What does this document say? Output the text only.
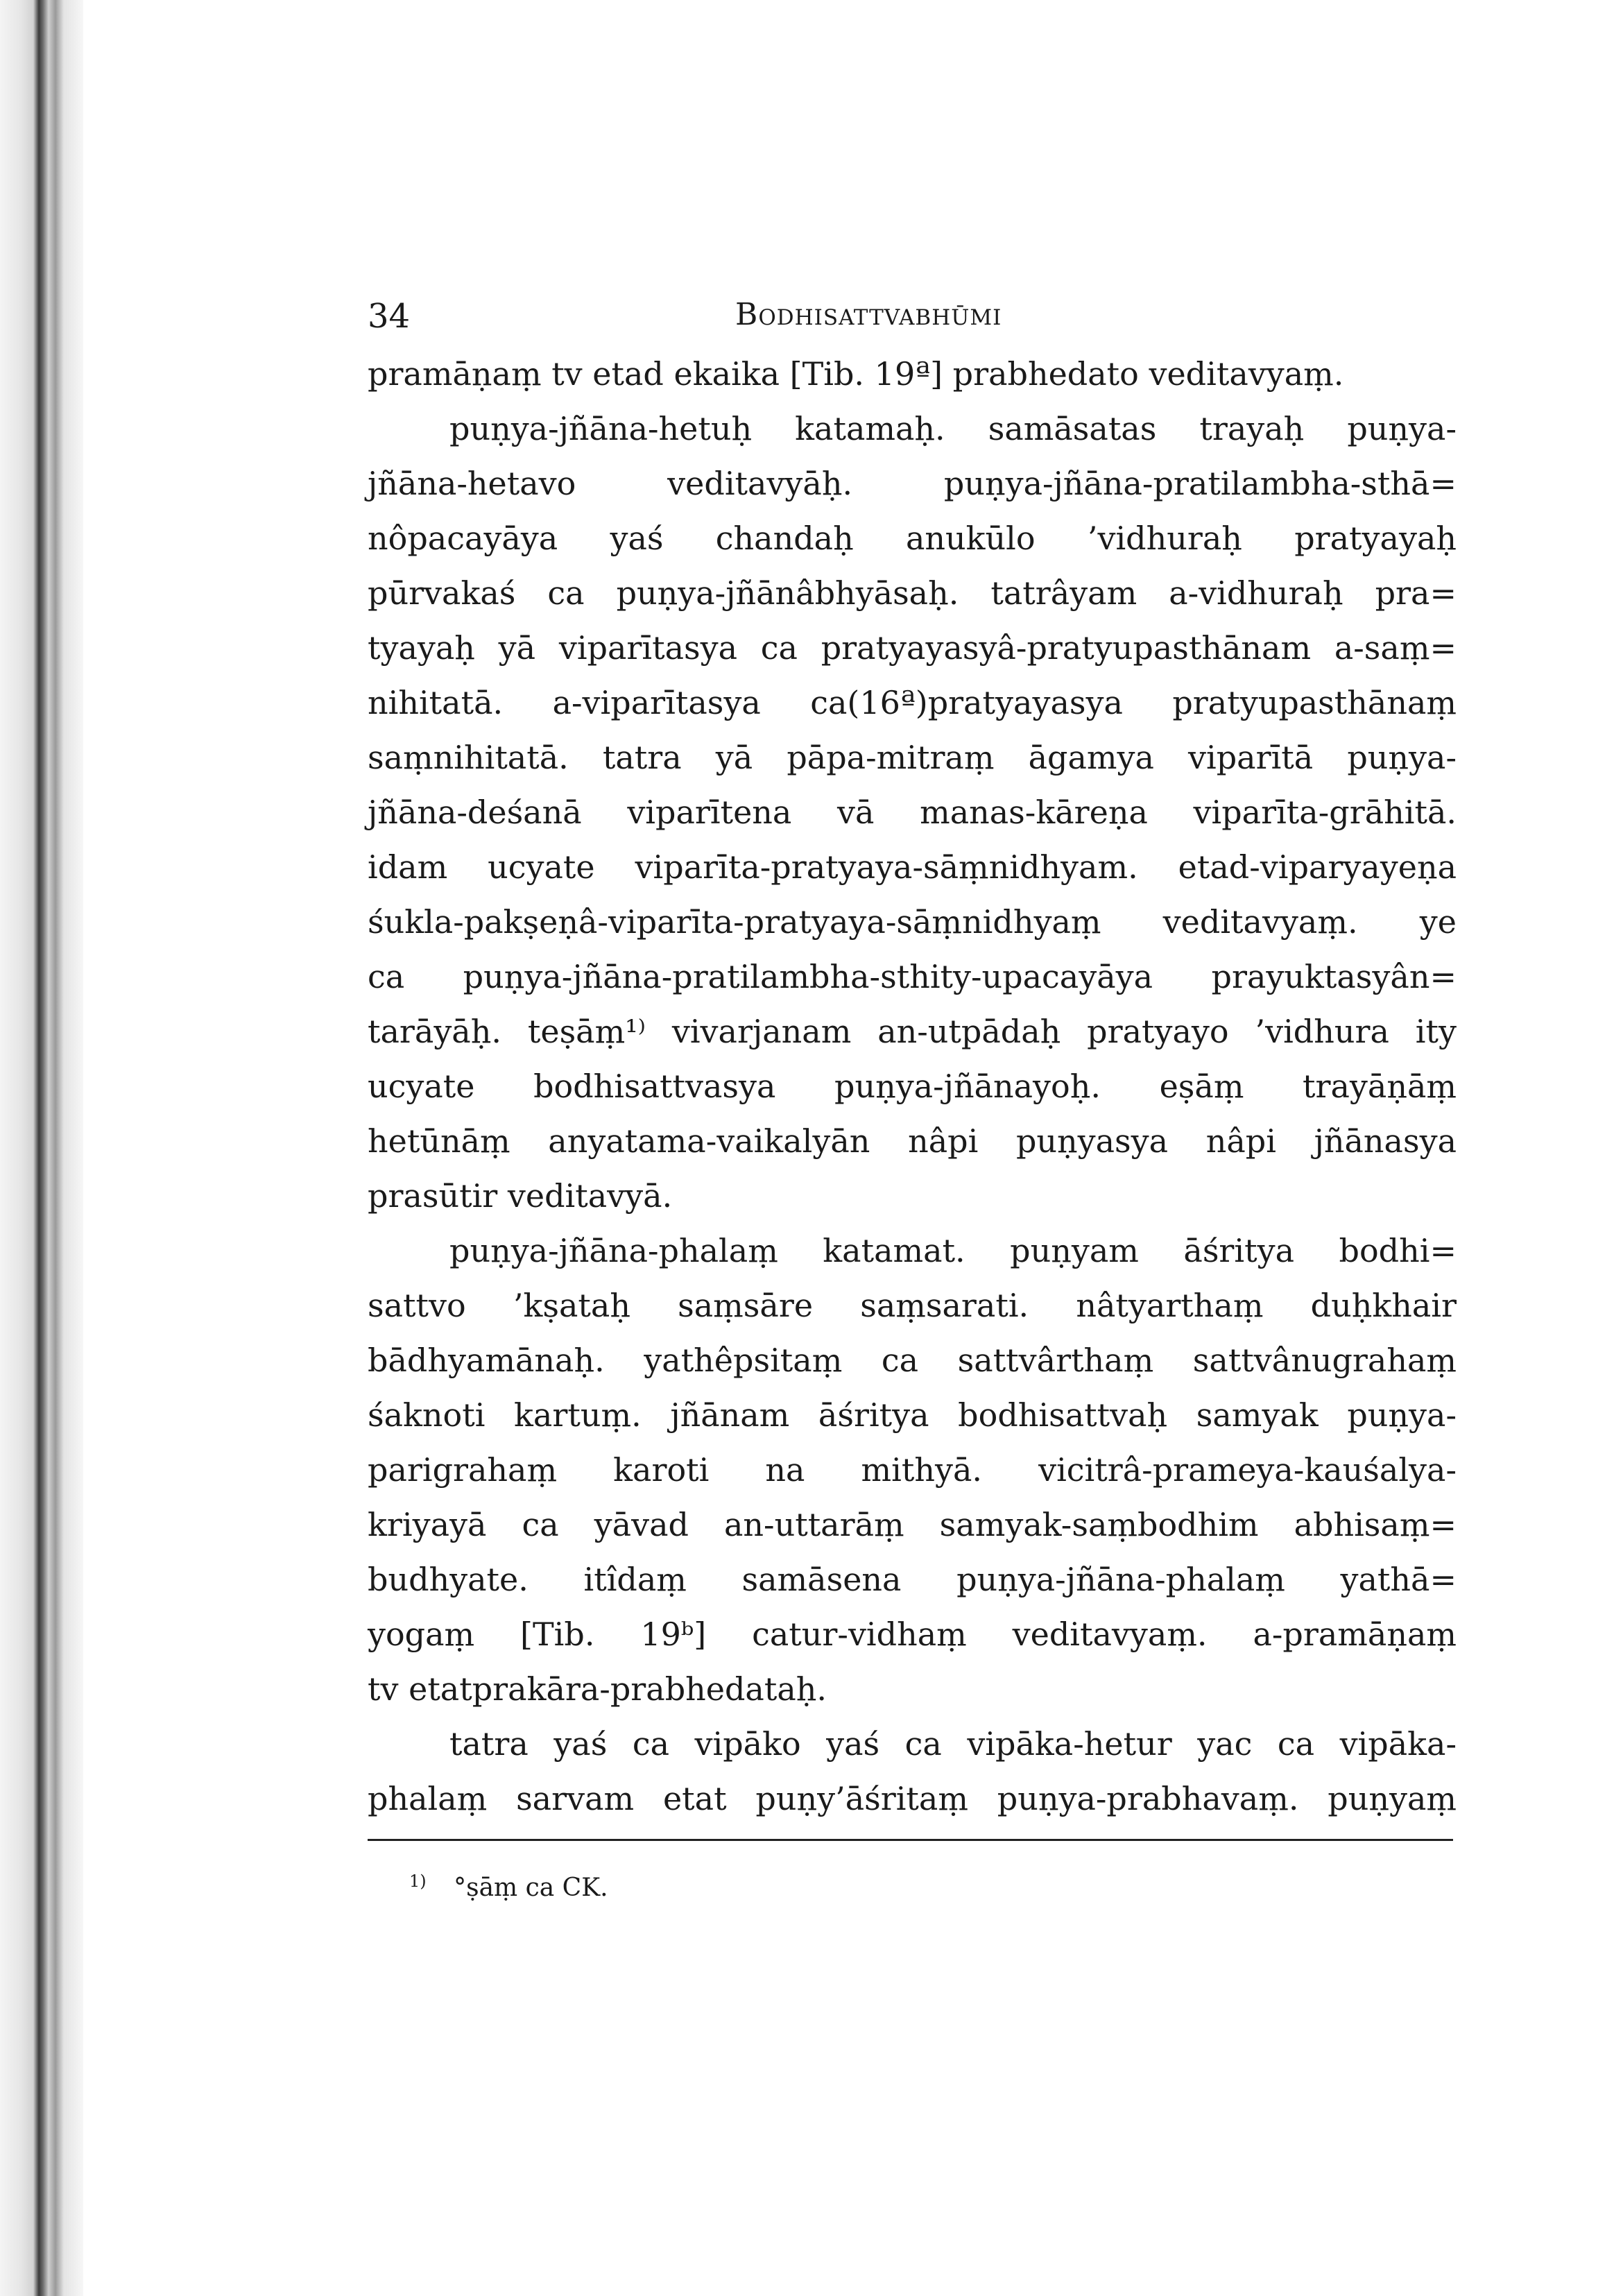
34	Bodhisattvabhūmi
pramāṇaṃ tv etad ekaika [Tib. 19ª] prabhedato veditavyaṃ.
puṇya-jñāna-hetuḥ katamaḥ. samāsatas trayaḥ puṇya-
jñāna-hetavo veditavyāḥ. puṇya-jñāna-pratilambha-sthā=
nôpacayāya yaś chandaḥ anukūlo ’vidhuraḥ pratyayaḥ
pūrvakaś ca puṇya-jñānâbhyāsaḥ. tatrâyam a-vidhuraḥ pra=
tyayaḥ yā viparītasya ca pratyayasyâ-pratyupasthānam a-saṃ=
nihitatā. a-viparītasya ca(16ª)pratyayasya pratyupasthānaṃ
saṃnihitatā. tatra yā pāpa-mitraṃ āgamya viparītā puṇya-
jñāna-deśanā viparītena vā manas-kāreṇa viparīta-grāhitā.
idam ucyate viparīta-pratyaya-sāṃnidhyam. etad-viparyayeṇa
śukla-pakṣeṇâ-viparīta-pratyaya-sāṃnidhyaṃ veditavyaṃ. ye
ca puṇya-jñāna-pratilambha-sthity-upacayāya prayuktasyân=
tarāyāḥ. teṣāṃ¹⁾ vivarjanam an-utpādaḥ pratyayo ’vidhura ity
ucyate bodhisattvasya puṇya-jñānayoḥ. eṣāṃ trayāṇāṃ
hetūnāṃ anyatama-vaikalyān nâpi puṇyasya nâpi jñānasya
prasūtir veditavyā.
puṇya-jñāna-phalaṃ katamat. puṇyam āśritya bodhi=
sattvo ’kṣataḥ saṃsāre saṃsarati. nâtyarthaṃ duḥkhair
bādhyamānaḥ. yathêpsitaṃ ca sattvârthaṃ sattvânugrahaṃ
śaknoti kartuṃ. jñānam āśritya bodhisattvaḥ samyak puṇya-
parigrahaṃ karoti na mithyā. vicitrâ-prameya-kauśalya-
kriyayā ca yāvad an-uttarāṃ samyak-saṃbodhim abhisaṃ=
budhyate. itîdaṃ samāsena puṇya-jñāna-phalaṃ yathā=
yogaṃ [Tib. 19ᵇ] catur-vidhaṃ veditavyaṃ. a-pramāṇaṃ
tv etatprakāra-prabhedataḥ.
tatra yaś ca vipāko yaś ca vipāka-hetur yac ca vipāka-
phalaṃ sarvam etat puṇy’āśritaṃ puṇya-prabhavaṃ. puṇyaṃ
$^{1)}$ °ṣāṃ ca CK.
